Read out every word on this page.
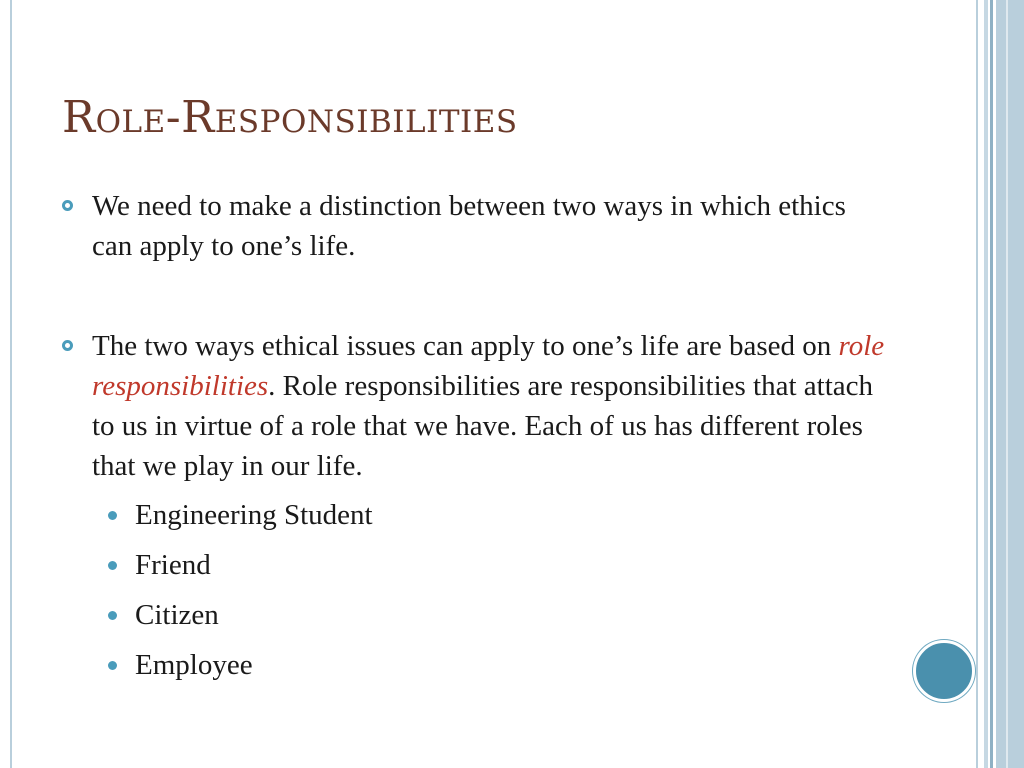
Role-Responsibilities
We need to make a distinction between two ways in which ethics can apply to one’s life.
The two ways ethical issues can apply to one’s life are based on role responsibilities. Role responsibilities are responsibilities that attach to us in virtue of a role that we have. Each of us has different roles that we play in our life.
Engineering Student
Friend
Citizen
Employee
